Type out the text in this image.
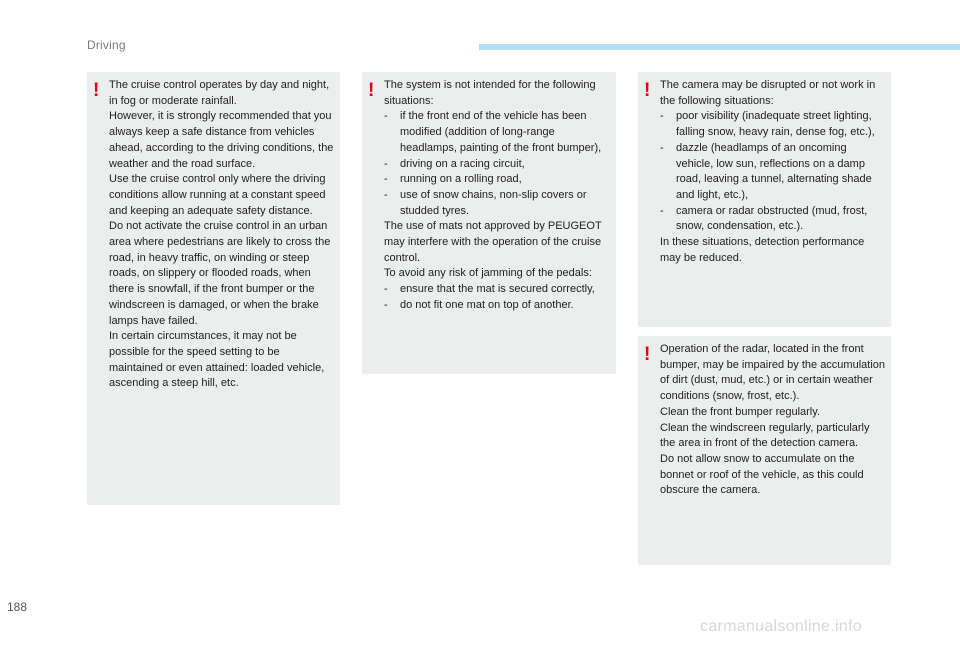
Driving
! The cruise control operates by day and night, in fog or moderate rainfall.

However, it is strongly recommended that you always keep a safe distance from vehicles ahead, according to the driving conditions, the weather and the road surface.

Use the cruise control only where the driving conditions allow running at a constant speed and keeping an adequate safety distance.

Do not activate the cruise control in an urban area where pedestrians are likely to cross the road, in heavy traffic, on winding or steep roads, on slippery or flooded roads, when there is snowfall, if the front bumper or the windscreen is damaged, or when the brake lamps have failed.

In certain circumstances, it may not be possible for the speed setting to be maintained or even attained: loaded vehicle, ascending a steep hill, etc.

! The system is not intended for the following situations:

- if the front end of the vehicle has been modified (addition of long-range headlamps, painting of the front bumper),
- driving on a racing circuit,
- running on a rolling road,
- use of snow chains, non-slip covers or studded tyres.

The use of mats not approved by PEUGEOT may interfere with the operation of the cruise control.

To avoid any risk of jamming of the pedals:

- ensure that the mat is secured correctly,
- do not fit one mat on top of another.
! The camera may be disrupted or not work in the following situations:

- poor visibility (inadequate street lighting, falling snow, heavy rain, dense fog, etc.),
- dazzle (headlamps of an oncoming vehicle, low sun, reflections on a damp road, leaving a tunnel, alternating shade and light, etc.),
- camera or radar obstructed (mud, frost, snow, condensation, etc.).

In these situations, detection performance may be reduced.

! Operation of the radar, located in the front bumper, may be impaired by the accumulation of dirt (dust, mud, etc.) or in certain weather conditions (snow, frost, etc.).

Clean the front bumper regularly.

Clean the windscreen regularly, particularly the area in front of the detection camera.

Do not allow snow to accumulate on the bonnet or roof of the vehicle, as this could obscure the camera.

188
carmanualsonline.info
